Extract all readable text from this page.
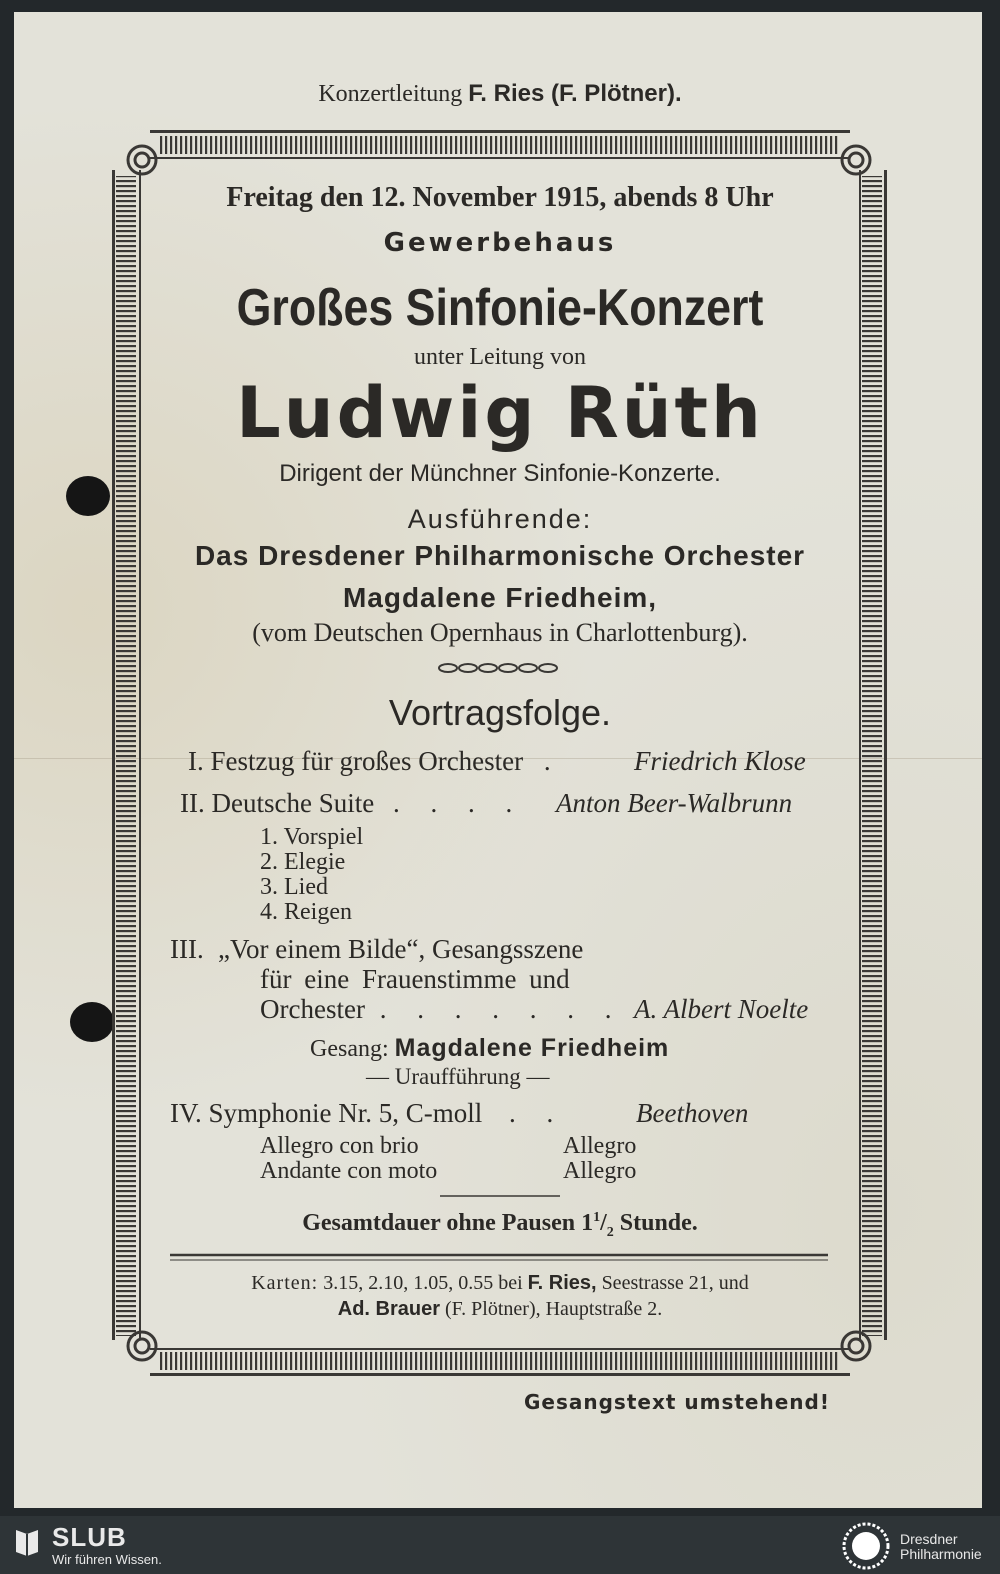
Konzertleitung F. Ries (F. Plötner).
Freitag den 12. November 1915, abends 8 Uhr
Gewerbehaus
Großes Sinfonie-Konzert
unter Leitung von
Ludwig Rüth
Dirigent der Münchner Sinfonie-Konzerte.
Ausführende:
Das Dresdener Philharmonische Orchester
Magdalene Friedheim,
(vom Deutschen Opernhaus in Charlottenburg).
Vortragsfolge.
I. Festzug für großes Orchester .	Friedrich Klose
II. Deutsche Suite . . . . Anton Beer-Walbrunn
1. Vorspiel
2. Elegie
3. Lied
4. Reigen
III. „Vor einem Bilde“, Gesangsszene
für eine Frauenstimme und
Orchester . . . . . . . A. Albert Noelte
Gesang: Magdalene Friedheim
— Uraufführung —
IV. Symphonie Nr. 5, C-moll . .	Beethoven
Allegro con brio	Allegro
Andante con moto	Allegro
Gesamtdauer ohne Pausen $1^1/_2$ Stunde.
Karten: 3.15, 2.10, 1.05, 0.55 bei F. Ries, Seestrasse 21, und
Ad. Brauer (F. Plötner), Hauptstraße 2.
Gesangstext umstehend!
SLUB
Wir führen Wissen.
Dresdner
Philharmonie
